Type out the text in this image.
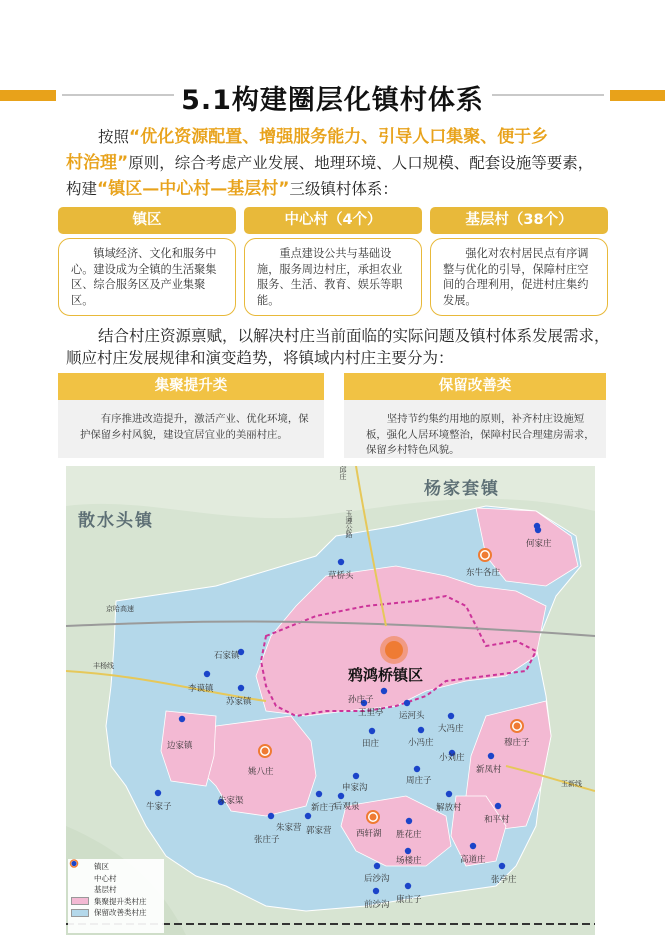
5.1构建圈层化镇村体系
按照“优化资源配置、增强服务能力、引导人口集聚、便于乡
村治理”原则，综合考虑产业发展、地理环境、人口规模、配套设施等要素，
构建“镇区—中心村—基层村”三级镇村体系：
镇区	中心村（4个）	基层村（38个）
镇域经济、文化和服务中心。建设成为全镇的生活聚集区、综合服务区及产业集聚区。
重点建设公共与基础设施，服务周边村庄，承担农业服务、生活、教育、娱乐等职能。
强化对农村居民点有序调整与优化的引导，保障村庄空间的合理利用，促进村庄集约发展。
结合村庄资源禀赋，以解决村庄当前面临的实际问题及镇村体系发展需求，
顺应村庄发展规律和演变趋势，将镇域内村庄主要分为：
集聚提升类	保留改善类
有序推进改造提升，激活产业、优化环境，保护保留乡村风貌，建设宜居宜业的美丽村庄。
坚持节约集约用地的原则，补齐村庄设施短板，强化人居环境整治，保障村民合理建房需求，保留乡村特色风貌。
散水头镇
杨家套镇
鸦鸿桥镇区
京哈高速
丰杨线
玉新线
玉遵公路
邱庄
何家庄
东牛各庄
草桥头
石家镇
李谟镇
苏家镇
边家镇
姚八庄
牛家子
朱家渠
张庄子
朱家营 郭家营
新庄子
后观泉
申家沟
王里亭
孙庄子
田庄
运河头
大冯庄
小冯庄
小刘庄
周庄子
穆庄子
新凤村
解放村
和平村
高道庄
西轩湖 胜花庄
场楼庄
后沙沟
康庄子
前沙沟
张亭庄
镇区
中心村
基层村
集聚提升类村庄
保留改善类村庄
